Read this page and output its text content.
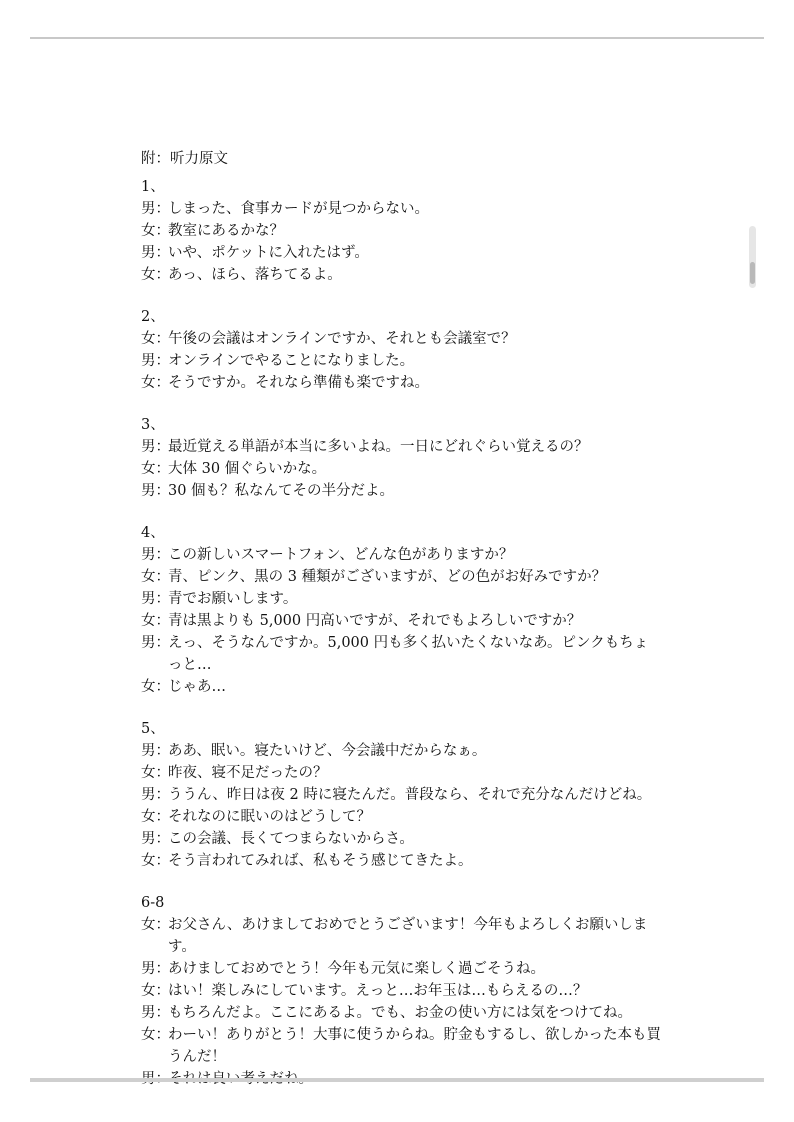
附：听力原文
1、
男：
しまった、食事カードが見つからない。
女：
教室にあるかな？
男：
いや、ポケットに入れたはず。
女：
あっ、ほら、落ちてるよ。
2、
女：
午後の会議はオンラインですか、それとも会議室で？
男：
オンラインでやることになりました。
女：
そうですか。それなら準備も楽ですね。
3、
男：
最近覚える単語が本当に多いよね。一日にどれぐらい覚えるの？
女：
大体 30 個ぐらいかな。
男：
30 個も？私なんてその半分だよ。
4、
男：
この新しいスマートフォン、どんな色がありますか？
女：
青、ピンク、黒の 3 種類がございますが、どの色がお好みですか？
男：
青でお願いします。
女：
青は黒よりも 5,000 円高いですが、それでもよろしいですか？
男：
えっ、そうなんですか。5,000 円も多く払いたくないなあ。ピンクもちょっと…
女：
じゃあ…
5、
男：
ああ、眠い。寝たいけど、今会議中だからなぁ。
女：
昨夜、寝不足だったの？
男：
ううん、昨日は夜 2 時に寝たんだ。普段なら、それで充分なんだけどね。
女：
それなのに眠いのはどうして？
男：
この会議、長くてつまらないからさ。
女：
そう言われてみれば、私もそう感じてきたよ。
6-8
女：
お父さん、あけましておめでとうございます！今年もよろしくお願いします。
男：
あけましておめでとう！今年も元気に楽しく過ごそうね。
女：
はい！楽しみにしています。えっと…お年玉は…もらえるの…？
男：
もちろんだよ。ここにあるよ。でも、お金の使い方には気をつけてね。
女：
わーい！ありがとう！大事に使うからね。貯金もするし、欲しかった本も買うんだ！
